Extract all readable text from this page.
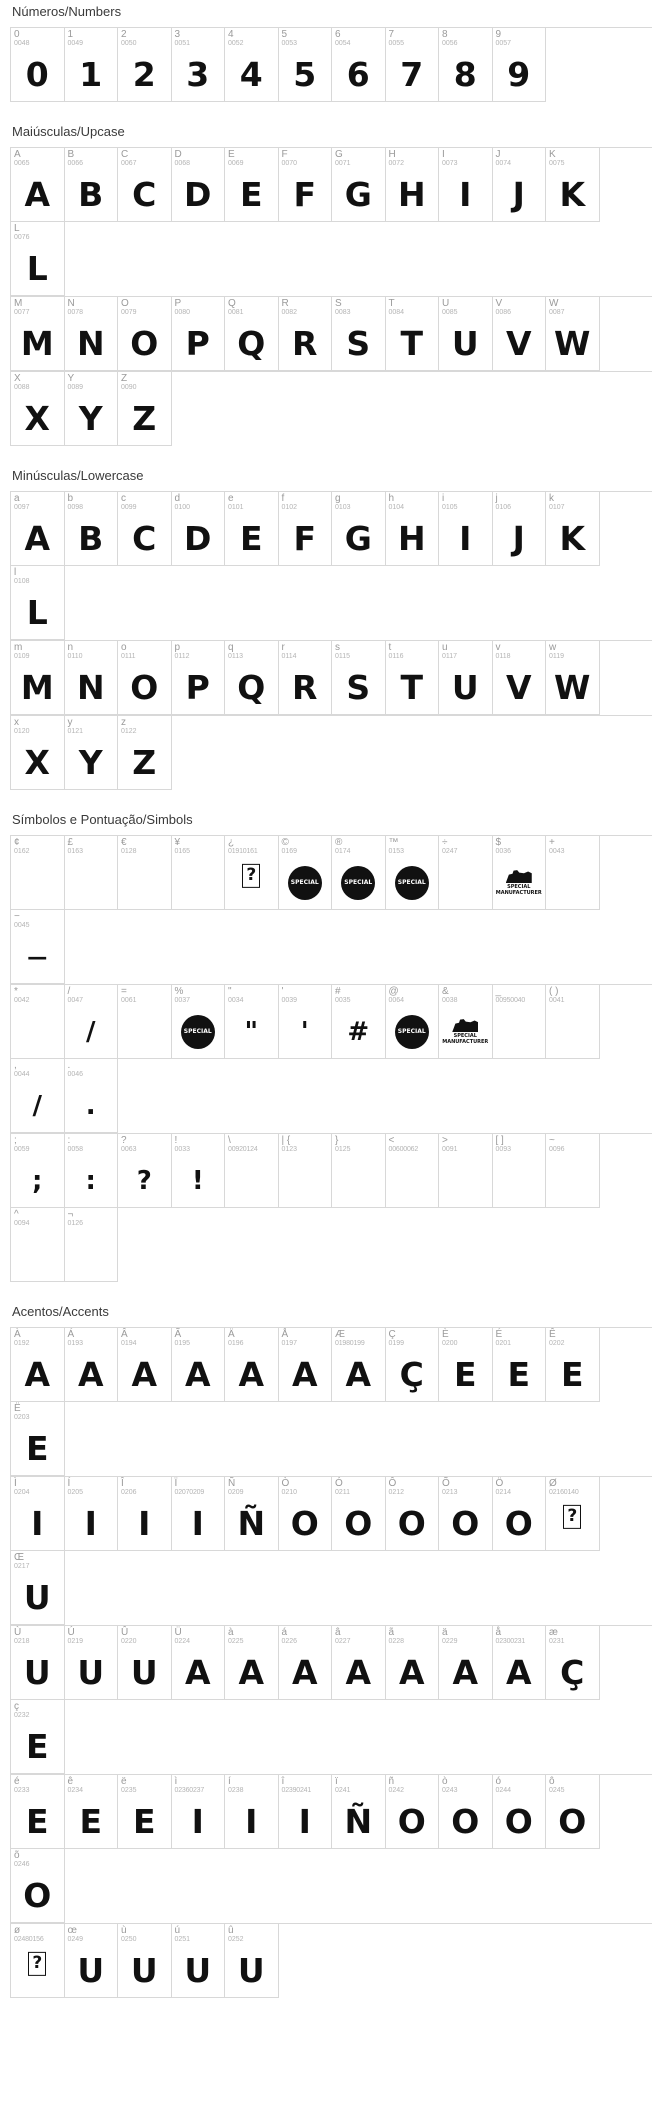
Números/Numbers
0
0048
0
1
0049
1
2
0050
2
3
0051
3
4
0052
4
5
0053
5
6
0054
6
7
0055
7
8
0056
8
9
0057
9
Maiúsculas/Upcase
A
0065
A
B
0066
B
C
0067
C
D
0068
D
E
0069
E
F
0070
F
G
0071
G
H
0072
H
I
0073
I
J
0074
J
K
0075
K
L
0076
L
M
0077
M
N
0078
N
O
0079
O
P
0080
P
Q
0081
Q
R
0082
R
S
0083
S
T
0084
T
U
0085
U
V
0086
V
W
0087
W
X
0088
X
Y
0089
Y
Z
0090
Z
Minúsculas/Lowercase
a
0097
A
b
0098
B
c
0099
C
d
0100
D
e
0101
E
f
0102
F
g
0103
G
h
0104
H
i
0105
I
j
0106
J
k
0107
K
l
0108
L
m
0109
M
n
0110
N
o
0111
O
p
0112
P
q
0113
Q
r
0114
R
s
0115
S
t
0116
T
u
0117
U
v
0118
V
w
0119
W
x
0120
X
y
0121
Y
z
0122
Z
Símbolos e Pontuação/Simbols
¢
0162
£
0163
€
0128
¥
0165
¿
01910161
?
©
0169
SPECIAL
®
0174
SPECIAL
™
0153
SPECIAL
÷
0247
$
0036
SPECIAL
MANUFACTURER
+
0043
−
0045
—
*
0042
/
0047
/
=
0061
%
0037
SPECIAL
"
0034
"
'
0039
'
#
0035
#
@
0064
SPECIAL
&
0038
SPECIAL
MANUFACTURER
_
00950040
( )
0041
,
0044
/
.
0046
.
;
0059
;
:
0058
:
?
0063
?
!
0033
!
\
00920124
| {
0123
}
0125
<
00600062
>
0091
[ ]
0093
~
0096
^
0094
¬
0126
Acentos/Accents
À
0192
A
Á
0193
A
Â
0194
A
Ã
0195
A
Ä
0196
A
Å
0197
A
Æ
01980199
A
Ç
0199
Ç
È
0200
E
É
0201
E
Ê
0202
E
Ë
0203
E
Ì
0204
I
Í
0205
I
Î
0206
I
Ï
02070209
I
Ñ
0209
Ñ
Ò
0210
O
Ó
0211
O
Ô
0212
O
Õ
0213
O
Ö
0214
O
Ø
02160140
?
Œ
0217
U
Ù
0218
U
Ú
0219
U
Û
0220
U
Ü
0224
A
à
0225
A
á
0226
A
â
0227
A
ã
0228
A
ä
0229
A
å
02300231
A
æ
0231
Ç
ç
0232
E
é
0233
E
ê
0234
E
ë
0235
E
ì
02360237
I
í
0238
I
î
02390241
I
ï
0241
Ñ
ñ
0242
O
ò
0243
O
ó
0244
O
ô
0245
O
õ
0246
O
ø
02480156
?
œ
0249
U
ù
0250
U
ú
0251
U
û
0252
U
